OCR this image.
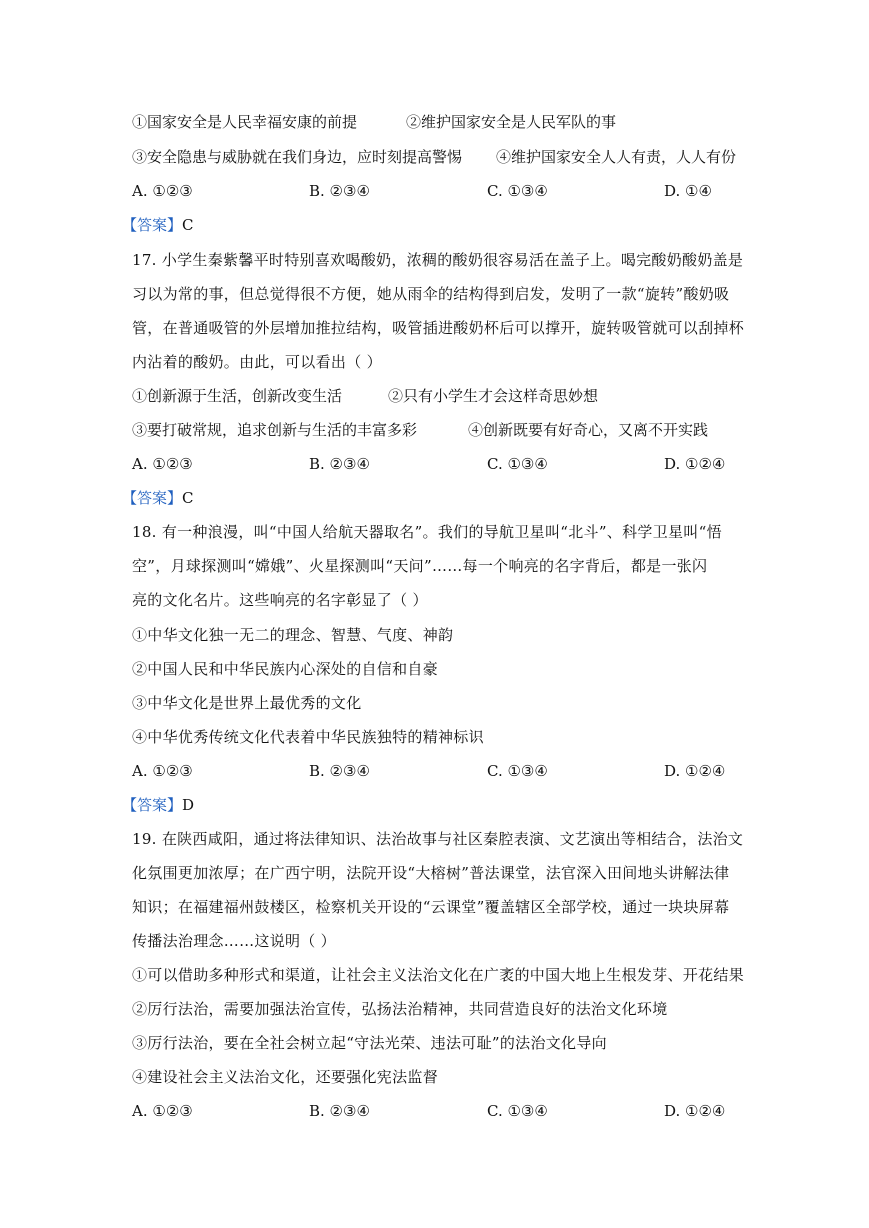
①国家安全是人民幸福安康的前提	②维护国家安全是人民军队的事
③安全隐患与威胁就在我们身边，应时刻提高警惕 ④维护国家安全人人有责，人人有份
A. ①②③	B. ②③④	C. ①③④	D. ①④
【答案】C
17. 小学生秦紫馨平时特别喜欢喝酸奶，浓稠的酸奶很容易活在盖子上。喝完酸奶酸奶盖是
习以为常的事，但总觉得很不方便，她从雨伞的结构得到启发，发明了一款“旋转”酸奶吸
管，在普通吸管的外层增加推拉结构，吸管插进酸奶杯后可以撑开，旋转吸管就可以刮掉杯
内沾着的酸奶。由此，可以看出（ ）
①创新源于生活，创新改变生活	②只有小学生才会这样奇思妙想
③要打破常规，追求创新与生活的丰富多彩	④创新既要有好奇心，又离不开实践
A. ①②③	B. ②③④	C. ①③④	D. ①②④
【答案】C
18. 有一种浪漫，叫“中国人给航天器取名”。我们的导航卫星叫“北斗”、科学卫星叫“悟
空”，月球探测叫“嫦娥”、火星探测叫“天问”……每一个响亮的名字背后，都是一张闪
亮的文化名片。这些响亮的名字彰显了（ ）
①中华文化独一无二的理念、智慧、气度、神韵
②中国人民和中华民族内心深处的自信和自豪
③中华文化是世界上最优秀的文化
④中华优秀传统文化代表着中华民族独特的精神标识
A. ①②③	B. ②③④	C. ①③④	D. ①②④
【答案】D
19. 在陕西咸阳，通过将法律知识、法治故事与社区秦腔表演、文艺演出等相结合，法治文
化氛围更加浓厚；在广西宁明，法院开设“大榕树”普法课堂，法官深入田间地头讲解法律
知识；在福建福州鼓楼区，检察机关开设的“云课堂”覆盖辖区全部学校，通过一块块屏幕
传播法治理念……这说明（ ）
①可以借助多种形式和渠道，让社会主义法治文化在广袤的中国大地上生根发芽、开花结果
②厉行法治，需要加强法治宣传，弘扬法治精神，共同营造良好的法治文化环境
③厉行法治，要在全社会树立起“守法光荣、违法可耻”的法治文化导向
④建设社会主义法治文化，还要强化宪法监督
A. ①②③	B. ②③④	C. ①③④	D. ①②④
